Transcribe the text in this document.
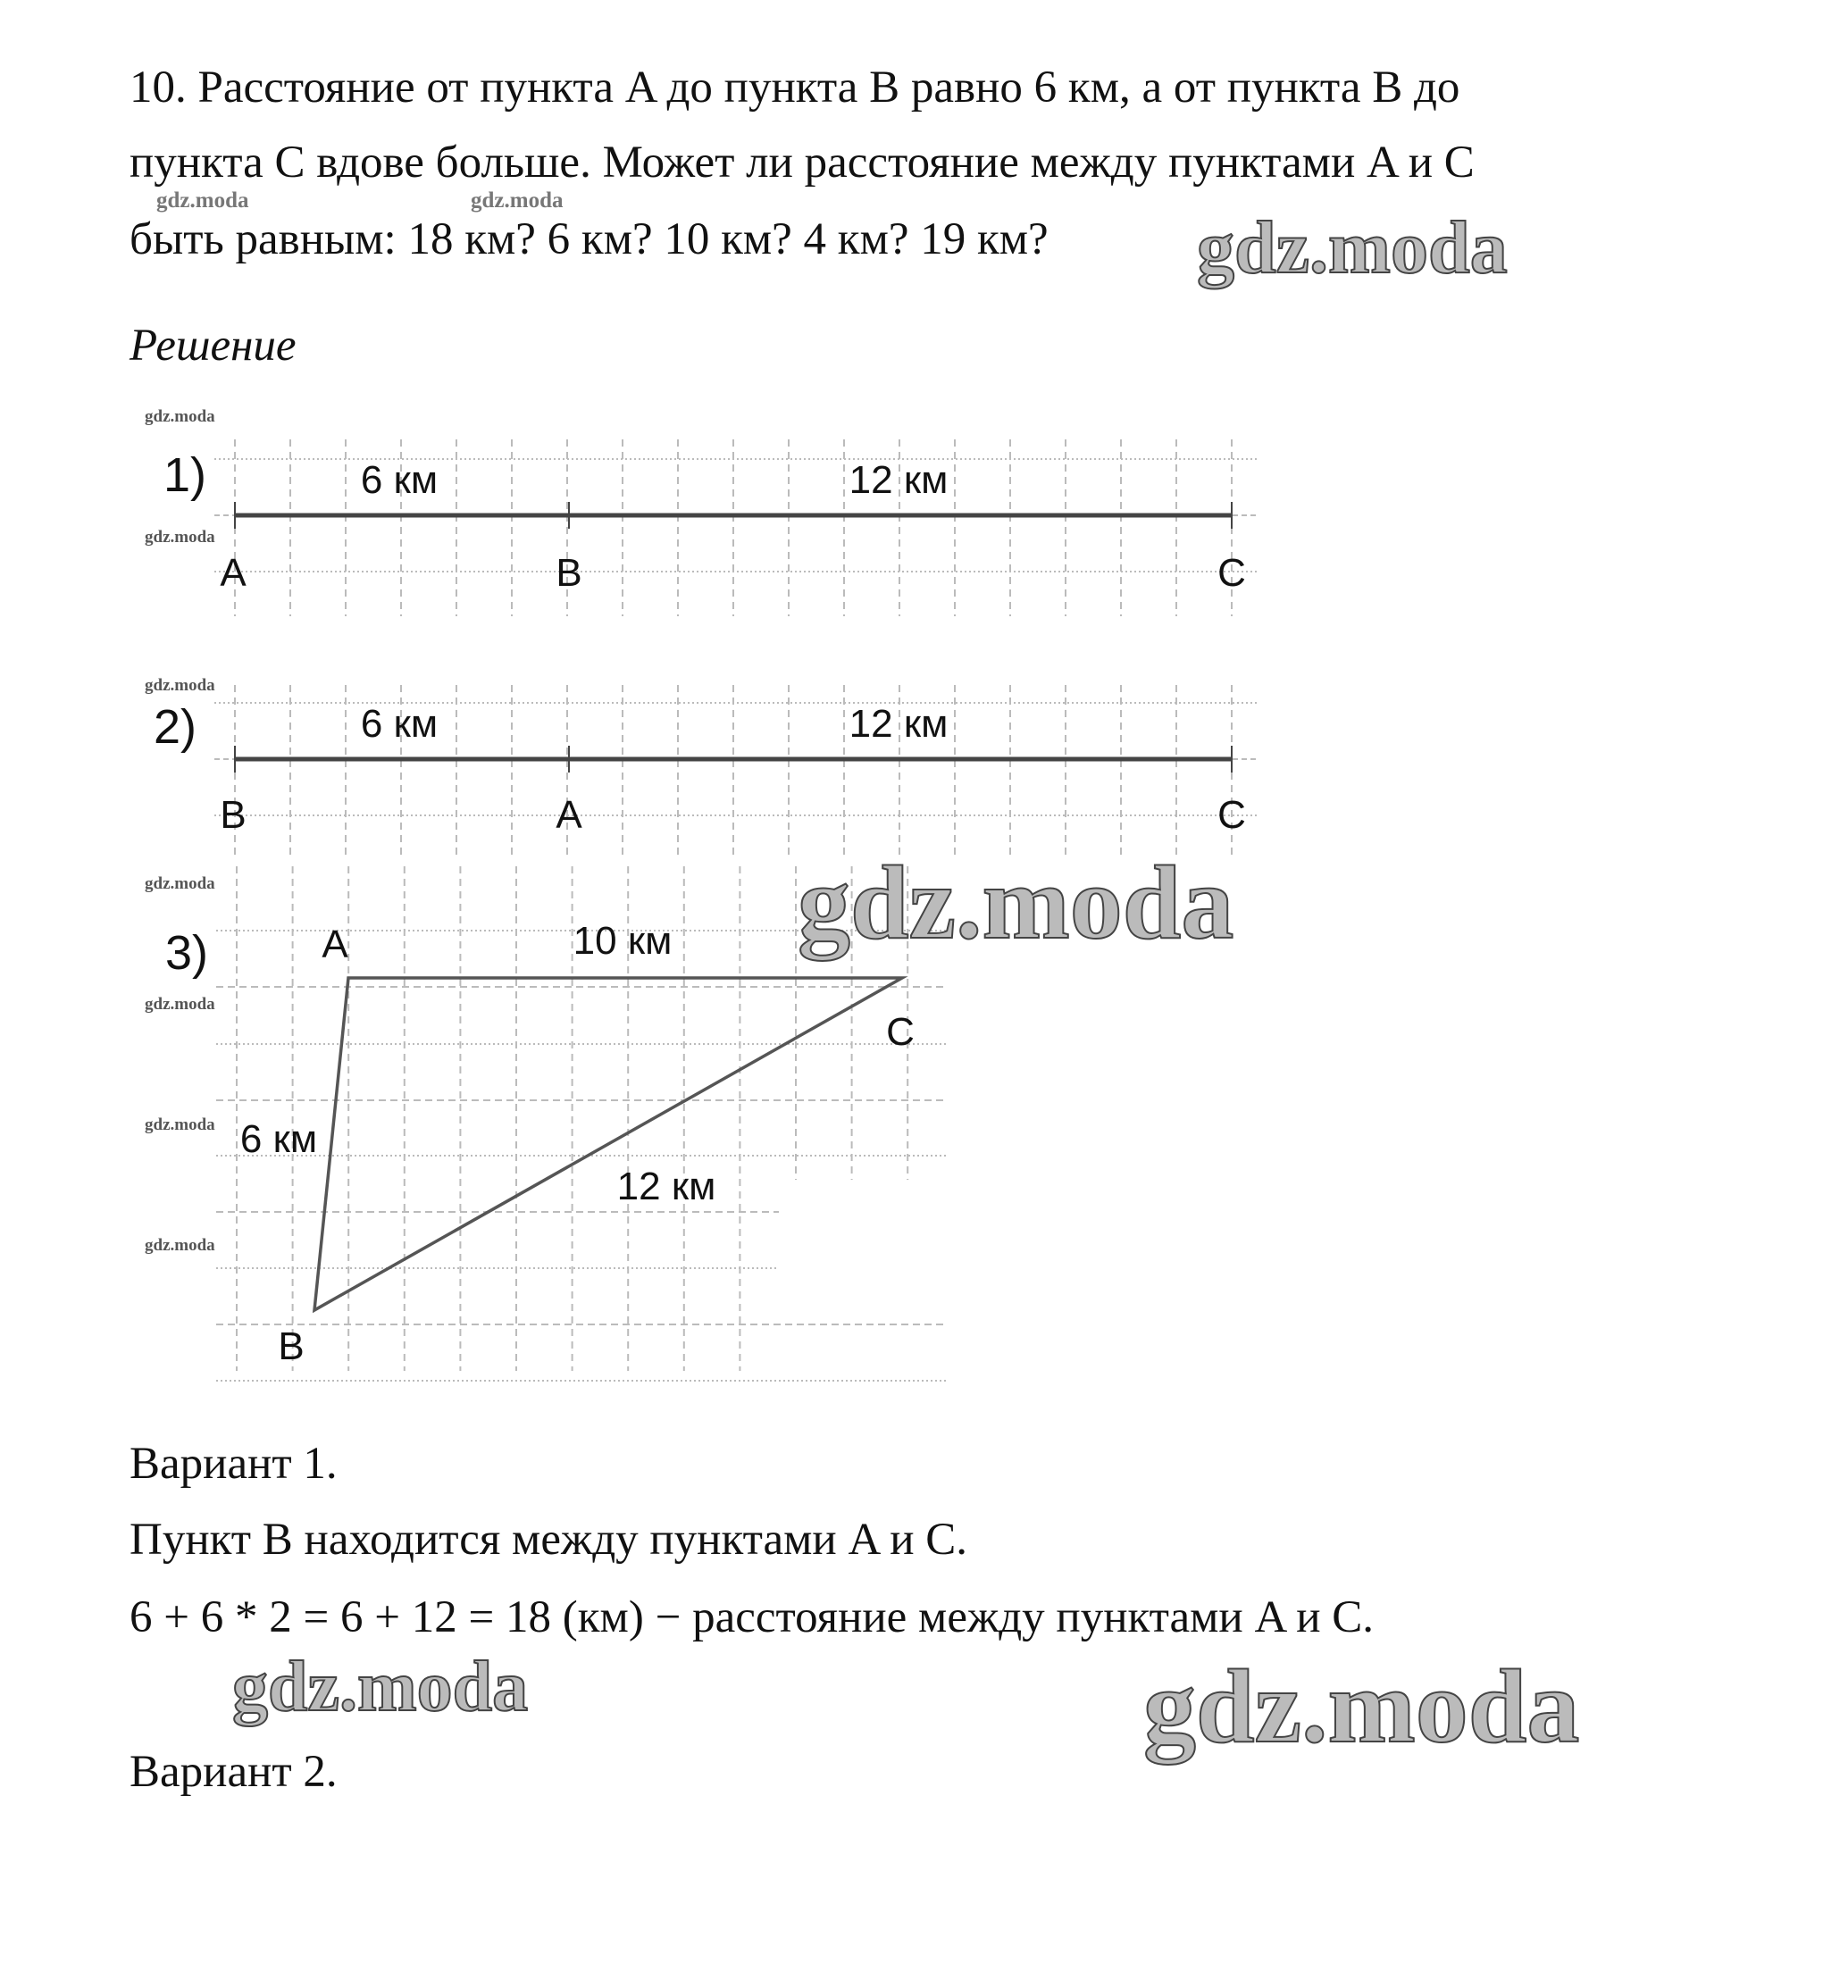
10. Расстояние от пункта A до пункта B равно 6 км, а от пункта B до
пункта C вдове больше. Может ли расстояние между пунктами A и C
быть равным: 18 км? 6 км? 10 км? 4 км? 19 км?
Решение
Вариант 1.
Пункт B находится между пунктами A и C.
6 + 6 * 2 = 6 + 12 = 18 (км) − расстояние между пунктами A и C.
Вариант 2.
1)	6 км	12 км
A	B	C
2)	6 км	12 км
B	A	C
3)	A	10 км
C
6 км
12 км
B
gdz.moda	gdz.moda
gdz.moda
gdz.moda
gdz.moda
gdz.moda
gdz.moda
gdz.moda
gdz.moda
gdz.moda
gdz.moda
gdz.moda	gdz.moda
